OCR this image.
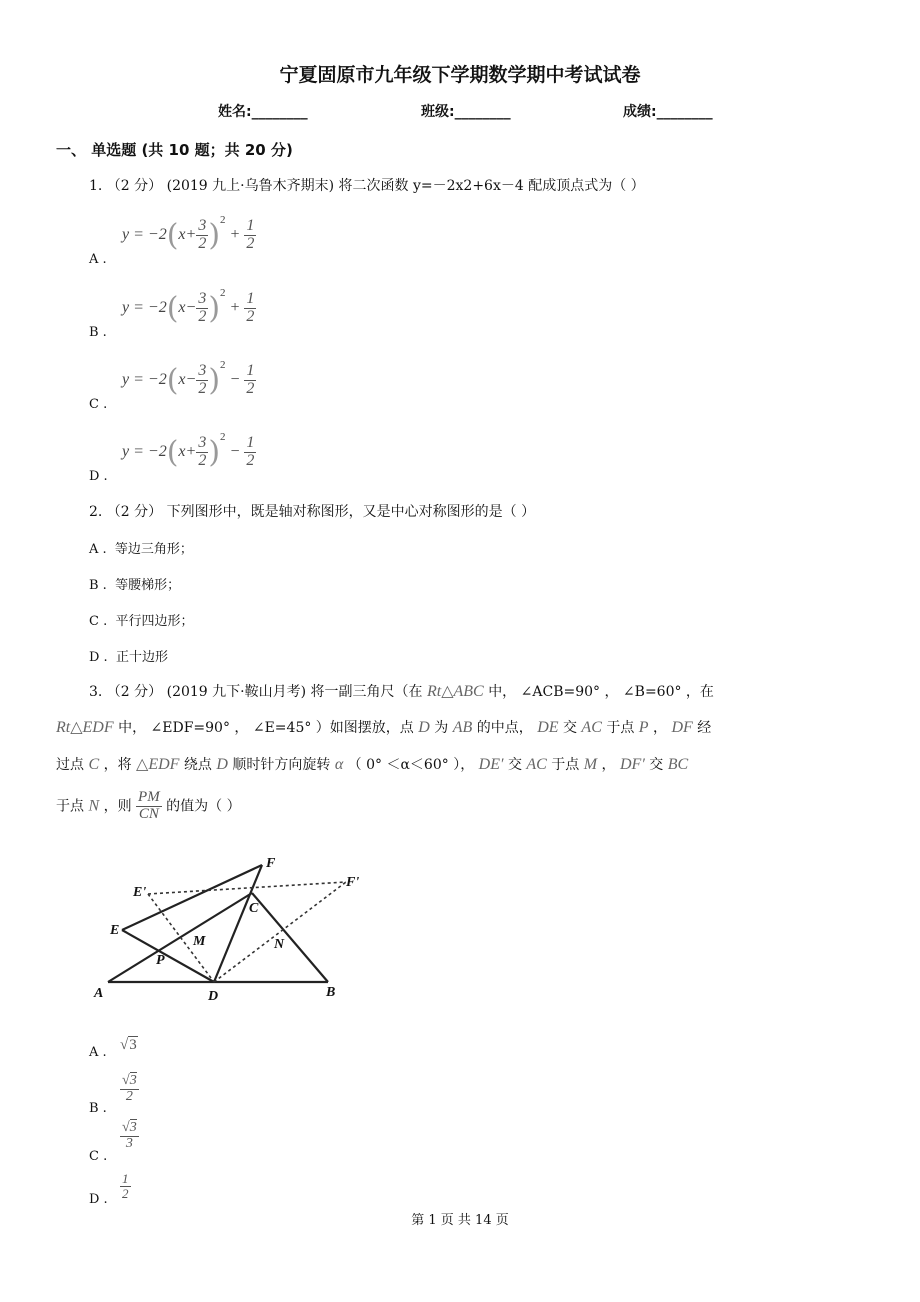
宁夏固原市九年级下学期数学期中考试试卷
姓名:________	班级:________	成绩:________
一、 单选题 (共 10 题；共 20 分)
1. （2 分） (2019 九上·乌鲁木齐期末) 将二次函数 y=－2x2+6x－4 配成顶点式为（ ）
A .
$y = -2(x+ \frac{3}{2} )^2 + \frac{1}{2}$
B .
$y = -2(x- \frac{3}{2} )^2 + \frac{1}{2}$
C .
$y = -2(x- \frac{3}{2} )^2 - \frac{1}{2}$
D .
$y = -2(x+ \frac{3}{2} )^2 - \frac{1}{2}$
2. （2 分） 下列图形中，既是轴对称图形，又是中心对称图形的是（ ）
A . 等边三角形；
B . 等腰梯形；
C . 平行四边形；
D . 正十边形
3. （2 分） (2019 九下·鞍山月考) 将一副三角尺（在 Rt△ABC 中， ∠ACB=90° ， ∠B=60° ，在
Rt△EDF 中， ∠EDF=90° ， ∠E=45° ）如图摆放，点 D 为 AB 的中点， DE 交 AC 于点 P ， DF 经
过点 C ，将 △EDF 绕点 D 顺时针方向旋转 α （ 0° ＜α＜60° ）， DE′ 交 AC 于点 M ， DF′ 交 BC
于点 N ，则 $\frac{PM}{CN}$ 的值为（ ）
A	D	B
C
E
F
E'
F'
M	N
P
A . √3
B .
$\frac{√3}{2}$
C .
$\frac{√3}{3}$
D . $\frac{1}{2}$
第 1 页 共 14 页
